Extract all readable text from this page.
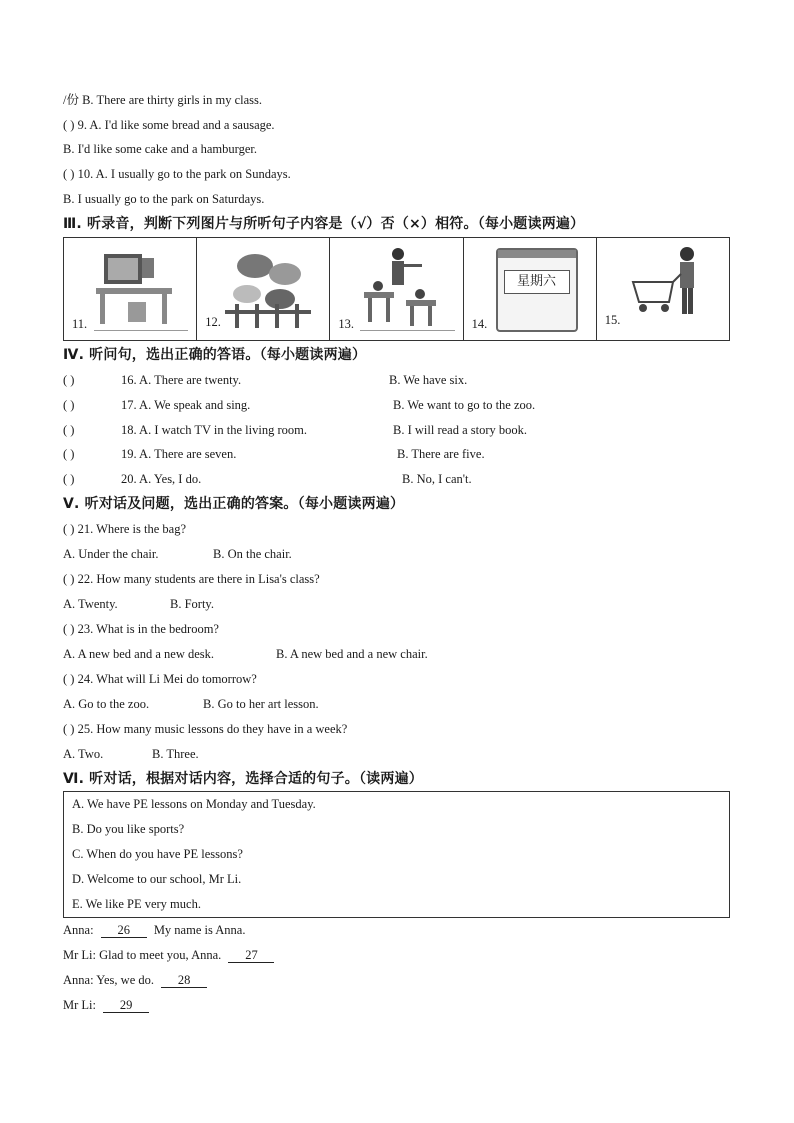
/份 B. There are thirty girls in my class.
( ) 9. A. I'd like some bread and a sausage.
B. I'd like some cake and a hamburger.
( ) 10. A. I usually go to the park on Sundays.
B. I usually go to the park on Saturdays.
Ⅲ. 听录音，判断下列图片与所听句子内容是（√）否（×）相符。（每小题读两遍）
11.	12.	13.

星期六
14.	15.
Ⅳ. 听问句，选出正确的答语。（每小题读两遍）
( )	16. A. There are twenty.	B. We have six.
( )	17. A. We speak and sing.	B. We want to go to the zoo.
( )	18. A. I watch TV in the living room.	B. I will read a story book.
( )	19. A. There are seven.	B. There are five.
( )	20. A. Yes, I do.	B. No, I can't.
Ⅴ. 听对话及问题，选出正确的答案。（每小题读两遍）
( ) 21. Where is the bag?
A. Under the chair.	B. On the chair.
( ) 22. How many students are there in Lisa's class?
A. Twenty.	B. Forty.
( ) 23. What is in the bedroom?
A. A new bed and a new desk.	B. A new bed and a new chair.
( ) 24. What will Li Mei do tomorrow?
A. Go to the zoo.	B. Go to her art lesson.
( ) 25. How many music lessons do they have in a week?
A. Two.	B. Three.
Ⅵ. 听对话，根据对话内容，选择合适的句子。（读两遍）
A. We have PE lessons on Monday and Tuesday.
B. Do you like sports?
C. When do you have PE lessons?
D. Welcome to our school, Mr Li.
E. We like PE very much.
Anna: 26 My name is Anna.
Mr Li: Glad to meet you, Anna. 27
Anna: Yes, we do. 28
Mr Li: 29
